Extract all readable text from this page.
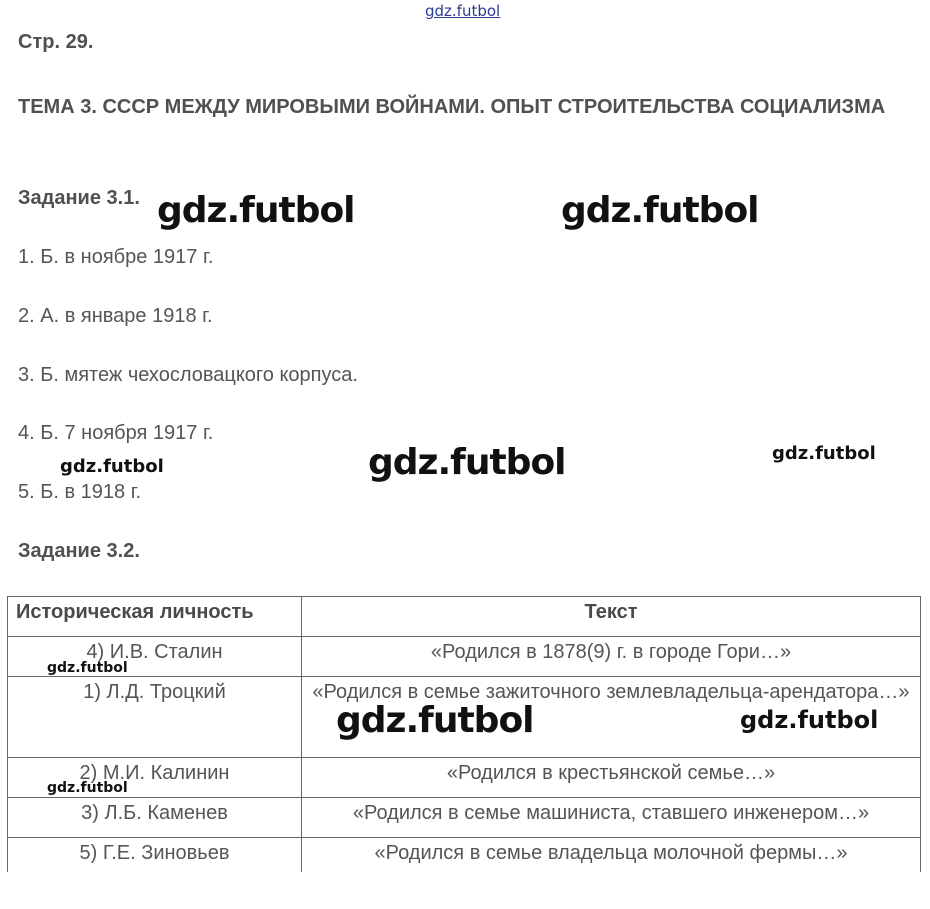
gdz.futbol
Стр. 29.
ТЕМА 3. СССР МЕЖДУ МИРОВЫМИ ВОЙНАМИ. ОПЫТ СТРОИТЕЛЬСТВА СОЦИАЛИЗМА
Задание 3.1.
1. Б. в ноябре 1917 г.
2. А. в январе 1918 г.
3. Б. мятеж чехословацкого корпуса.
4. Б. 7 ноября 1917 г.
5. Б. в 1918 г.
Задание 3.2.
Историческая личность	Текст
4) И.В. Сталин	«Родился в 1878(9) г. в городе Гори…»
1) Л.Д. Троцкий	«Родился в семье зажиточного землевладельца-арендатора…»
2) М.И. Калинин	«Родился в крестьянской семье…»
3) Л.Б. Каменев	«Родился в семье машиниста, ставшего инженером…»
5) Г.Е. Зиновьев	«Родился в семье владельца молочной фермы…»
gdz.futbol	gdz.futbol
gdz.futbol
gdz.futbol
gdz.futbol
gdz.futbol
gdz.futbol	gdz.futbol
gdz.futbol
